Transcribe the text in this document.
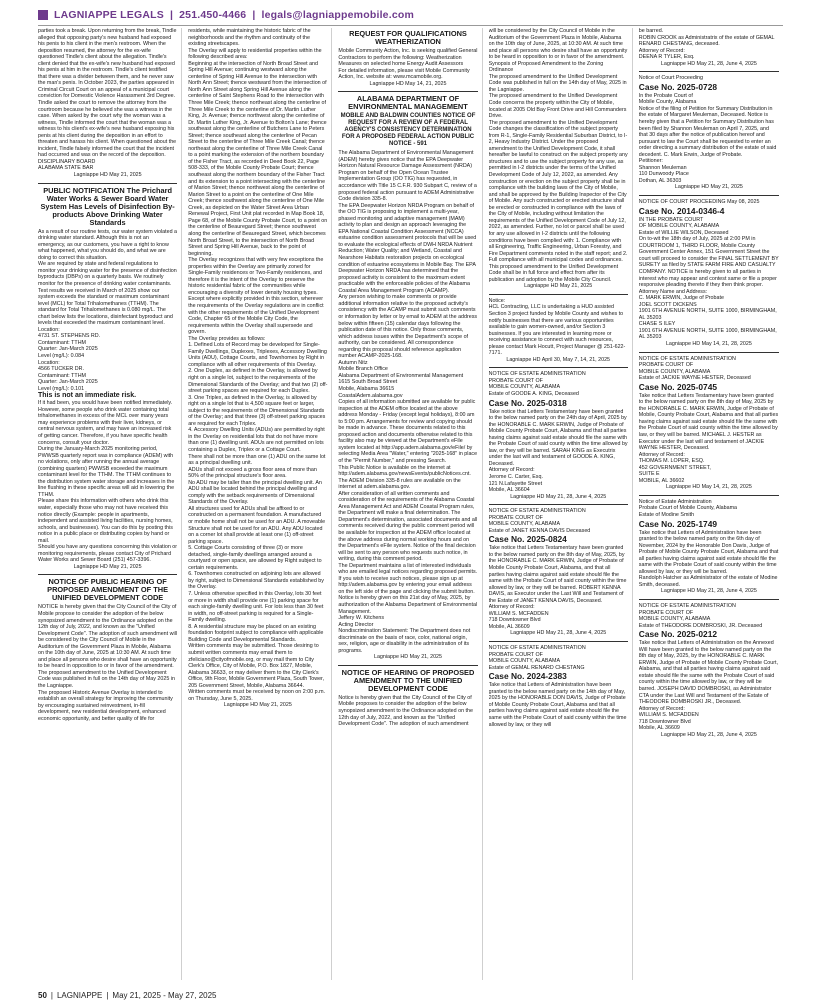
LAGNIAPPE LEGALS | 251.450-4466 | legals@lagniappemobile.com

parties took a break. Upon returning from the break, Tindle alleged that opposing party's new husband had exposed his penis to his client in the men's restroom. When the deposition resumed, the attorney for the ex-wife questioned Tindle's client about the allegation. Tindle's client denied that the ex-wife's new husband had exposed his penis at him in the restroom. Tindle's client testified that there was a divider between them, and he never saw the man's penis. In October 2023, the parties appeared in Criminal Circuit Court on an appeal of a municipal court conviction for Domestic Violence Harassment 3rd Degree. Tindle asked the court to remove the attorney from the courtroom because he believed she was a witness in the case. When asked by the court why the woman was a witness, Tindle informed the court that the woman was a witness to his client's ex-wife's new husband exposing his penis at his client during the deposition in an effort to threaten and harass his client. When questioned about the incident, Tindle falsely informed the court that the incident had occurred and was on the record of the deposition.

DISCIPLINARY BOARD

ALABAMA STATE BAR

Lagniappe HD May 21, 2025

PUBLIC NOTIFICATION The Prichard Water Works & Sewer Board Water System Has Levels of Disinfection By-products Above Drinking Water Standards

As a result of our routine tests, our water system violated a drinking water standard. Although this is not an emergency, as our customers, you have a right to know what happened, what you should do, and what we are doing to correct this situation.

We are required by state and federal regulations to monitor your drinking water for the presence of disinfection byproducts (DBPs) on a quarterly basis. We routinely monitor for the presence of drinking water contaminants. Test results we received in March of 2025 show our system exceeds the standard or maximum contaminant level (MCL) for Total Trihalomethanes (TTHM). The standard for Total Trihalomethanes is 0.080 mg/L. The chart below lists the locations, disinfectant byproduct and levels that exceeded the maximum contaminant level.

Location:

4731 ST. STEPHENS RD.

Contaminant: TTHM

Quarter: Jan-March 2025

Level (mg/L): 0.084

Location:

4566 TUCKER DR.

Contaminant: TTHM

Quarter: Jan-March 2025

Level (mg/L): 0.101

This is not an immediate risk.

If it had been, you would have been notified immediately. However, some people who drink water containing total trihalomethanes in excess of the MCL over many years may experience problems with their liver, kidneys, or central nervous system, and may have an increased risk of getting cancer. Therefore, if you have specific health concerns, consult your doctor.

During the January-March 2025 monitoring period, PWWSB quarterly report was in compliance (ADEM) with no violations, only after running the annual average (combining quarters) PWWSB exceeded the maximum contaminant level for the TTHM. The TTHM continues to the distribution system water storage and increases in the line flushing in these specific areas will aid in lowering the TTHM.

Please share this information with others who drink this water, especially those who may not have received this notice directly (Example: people in apartments, independent and assisted living facilities, nursing homes, schools, and businesses). You can do this by posting this notice in a public place or distributing copies by hand or mail.

Should you have any questions concerning this violation or monitoring requirements, please contact City of Prichard Water Works and Sewer Board (251) 457-3396.

Lagniappe HD May 21, 2025

NOTICE OF PUBLIC HEARING OF PROPOSED AMENDMENT OF THE UNIFIED DEVELOPMENT CODE

NOTICE is hereby given that the City Council of the City of Mobile propose to consider the adoption of the below synopsized amendment to the Ordinance adopted on the 12th day of July, 2022, and known as the "Unified Development Code". The adoption of such amendment will be considered by the City Council of Mobile in the Auditorium of the Government Plaza in Mobile, Alabama on the 10th day of June, 2025 at 10:30 AM. At such time and place all persons who desire shall have an opportunity to be heard in opposition to or in favor of the amendment.

The proposed amendment to the Unified Development Code was published in full on the 14th day of May 2025 in the Lagniappe.

The proposed Historic Avenue Overlay is intended to establish an overall strategy for improving the community by encouraging sustained reinvestment, in-fill development, new residential development, enhanced economic opportunity, and better quality of life for

residents, while maintaining the historic fabric of the neighborhoods and the rhythm and continuity of the existing streetscapes.

The Overlay will apply to residential properties within the following described area:

Beginning at the intersection of North Broad Street and Spring Hill Avenue; continuing westward along the centerline of Spring Hill Avenue to the intersection with North Ann Street; thence westward from the intersection of North Ann Street along Spring Hill Avenue along the centerline of Saint Stephens Road to the intersection with Three Mile Creek; thence northeast along the centerline of Three Mile Creek to the centerline of Dr. Martin Luther King, Jr. Avenue; thence northwest along the centerline of Dr. Martin Luther King, Jr. Avenue to Bolton's Lane; thence southeast along the centerline of Butchers Lane to Peters Street; thence southeast along the centerline of Pecan Street to the centerline of Three Mile Creek Canal; thence northeast along the centerline of Three Mile Creek Canal to a point marking the extension of the northern boundary of the Fisher Tract, as recorded in Deed Book 22, Page 508-333, of the Mobile County Probate Court; thence southeast along the northern boundary of the Fisher Tract and its extension to a point intersecting with the centerline of Marion Street; thence northwest along the centerline of Marion Street to a point on the centerline of One Mile Creek; thence southwest along the centerline of One Mile Creek, as depicted on the Water Street Area Urban Renewal Project, First Unit plat recorded in Map Book 18, Page 68, of the Mobile County Probate Court, to a point on the centerline of Beauregard Street; thence southwest along the centerline of Beauregard Street, which becomes North Broad Street, to the intersection of North Broad Street and Spring Hill Avenue, back to the point of beginning.

The Overlay recognizes that with very few exceptions the properties within the Overlay are primarily zoned for Single-Family residences or Two-Family residences, and therefore it is the intent of the Overlay to preserve the historic residential fabric of the communities while encouraging a diversity of lower density housing types. Except where explicitly provided in this section, wherever the requirements of the Overlay regulations are in conflict with the other requirements of the Unified Development Code, Chapter 65 of the Mobile City Code, the requirements within the Overlay shall supersede and govern.

The Overlay provides as follows:

1. Defined Lots of Record may be developed for Single-Family Dwellings, Duplexes, Triplexes, Accessory Dwelling Units (ADU), Cottage Courts, and Townhomes by Right in compliance with all other requirements of this Overlay.

2. One Duplex, as defined in the Overlay, is allowed by right on a single lot, subject to the requirements of the Dimensional Standards of the Overlay; and that two (2) off-street parking spaces are required for each Duplex.

3. One Triplex, as defined in the Overlay, is allowed by right on a single lot that is 4,500 square feet or larger, subject to the requirements of the Dimensional Standards of the Overlay; and that three (3) off-street parking spaces are required for each Triplex.

4. Accessory Dwelling Units (ADUs) are permitted by right in the Overlay on residential lots that do not have more than one (1) dwelling unit. ADUs are not permitted on lots containing a Duplex, Triplex or a Cottage Court.

There shall not be more than one (1) ADU on the same lot as a principal dwelling unit.

ADUs shall not exceed a gross floor area of more than 50% of the principal structure's floor area.

No ADU may be taller than the principal dwelling unit. An ADU shall be located behind the principal dwelling and comply with the setback requirements of Dimensional Standards of the Overlay.

All structures used for ADUs shall be affixed to or constructed on a permanent foundation. A manufactured or mobile home shall not be used for an ADU. A moveable Structure shall not be used for an ADU. Any ADU located on a corner lot shall provide at least one (1) off-street parking space.

5. Cottage Courts consisting of three (3) or more detached, single-family dwellings arranged around a courtyard or open space, are allowed by Right subject to certain requirements.

6. Townhomes constructed on adjoining lots are allowed by right, subject to Dimensional Standards established by the Overlay.

7. Unless otherwise specified in this Overlay, lots 30 feet or more in width shall provide one (1) parking space for each single-family dwelling unit. For lots less than 30 feet in width, no off-street parking is required for a Single-Family dwelling.

8. A residential structure may be placed on an existing foundation footprint subject to compliance with applicable Building Code and Developmental Standards.

Written comments may be submitted. Those desiring to submit written comments may email them to zfeliciano@cityofmobile.org, or may mail them to City Clerk's Office, City of Mobile, P.O. Box 1827, Mobile, Alabama 36633, or may deliver them to the City Clerk's Office, 9th Floor, Mobile Government Plaza, South Tower, 205 Government Street, Mobile, Alabama 36644.

Written comments must be received by noon on 2:00 p.m. on Thursday, June 5, 2025.

Lagniappe HD May 21, 2025

REQUEST FOR QUALIFICATIONS WEATHERIZATION

Mobile Community Action, Inc. is seeking qualified General Contractors to perform the following: Weatherization Measures on selected home Energy Audit Assessors

For detailed information, please visit Mobile Community Action, Inc. website at: www.mcamobile.org.

Lagniappe HD May 14, 21, 2025

ALABAMA DEPARTMENT OF ENVIRONMENTAL MANAGEMENT
MOBILE AND BALDWIN COUNTIES NOTICE OF REQUEST FOR A REVIEW OF A FEDERAL AGENCY'S CONSISTENCY DETERMINATION FOR A PROPOSED FEDERAL ACTION PUBLIC NOTICE - 591

The Alabama Department of Environmental Management (ADEM) hereby gives notice that the EPA Deepwater Horizon Natural Resource Damage Assessment (NRDA) Program on behalf of the Open Ocean Trustee Implementation Group (OO TIG) has requested, in accordance with Title 15 C.F.R. 930 Subpart C, review of a proposed federal action pursuant to ADEM Administrative Code division 335-8.

The EPA Deepwater Horizon NRDA Program on behalf of the OO TIG is proposing to implement a multi-year, phased monitoring and adaptive management (MAM) activity to plan and design an approach leveraging the EPA National Coastal Condition Assessment (NCCA) estuarine condition assessment protocols that will be used to evaluate the ecological effects of DWH NRDA Nutrient Reduction; Water Quality; and Wetland, Coastal and Nearshore Habitats restoration projects on ecological condition of estuarine ecosystems in Mobile Bay. The EPA Deepwater Horizon NRDA has determined that the proposed activity is consistent to the maximum extent practicable with the enforceable policies of the Alabama Coastal Area Management Program (ACAMP).

Any person wishing to make comments or provide additional information relative to the proposed activity's consistency with the ACAMP must submit such comments or information by letter or by email to ADEM at the address below within fifteen (15) calendar days following the publication date of this notice. Only those comments, which address issues within the Department's scope of authority, can be considered. All correspondence regarding this proposal should reference application number ACAMP-2025-168.

Autumn Nitz

Mobile Branch Office

Alabama Department of Environmental Management

1615 South Broad Street

Mobile, Alabama 36615

CoastalAdem.alabama.gov

Copies of all information submitted are available for public inspection at the ADEM office located at the above address Monday - Friday (except legal holidays), 8:00 am to 5:00 pm. Arrangements for review and copying should be made in advance. These documents related to this proposed action and documents otherwise related to this facility also may be viewed at the Department's eFile system located at http://app.adem.alabama.gov/eFile/ by selecting Media Area "Water," entering "2025-168" in place of the "Permit Number," and pressing Search.

This Public Notice is available on the internet at http://adem.alabama.gov/newsEvents/publicNotices.cnt. The ADEM Division 335-8 rules are available on the internet at adem.alabama.gov.

After consideration of all written comments and consideration of the requirements of the Alabama Coastal Area Management Act and ADEM Coastal Program rules, the Department will make a final determination. The Department's determination, associated documents and all comments received during the public comment period will be available for inspection at the ADEM office located at the above address during normal working hours and on the Department's eFile system. Notice of the final decision will be sent to any person who requests such notice, in writing, during this comment period.

The Department maintains a list of interested individuals who are emailed legal notices regarding proposed permits. If you wish to receive such notices, please sign up at http://adem.alabama.gov by entering your email address on the left side of the page and clicking the submit button.

Notice is hereby given on this 21st day of May, 2025, by authorization of the Alabama Department of Environmental Management.

Jeffery W. Kitchens

Acting Director

Nondiscrimination Statement: The Department does not discriminate on the basis of race, color, national origin, sex, religion, age or disability in the administration of its programs.

Lagniappe HD May 21, 2025

NOTICE OF HEARING OF PROPOSED AMENDMENT TO THE UNIFIED DEVELOPMENT CODE

Notice is hereby given that the City Council of the City of Mobile proposes to consider the adoption of the below synopsized amendment to the Ordinance adopted on the 12th day of July, 2022, and known as the "Unified Development Code". The adoption of such amendment

will be considered by the City Council of Mobile in the Auditorium of the Government Plaza in Mobile, Alabama on the 10th day of June, 2025, at 10:30 AM. At such time and place all persons who desire shall have an opportunity to be heard in opposition to or in favor of the amendment.

Synopsis of Proposed Amendment to the Zoning Ordinance

The proposed amendment to the Unified Development Code was published in full on the 14th day of May, 2025 in the Lagniappe.

The proposed amendment to the Unified Development Code concerns the property within the City of Mobile, located at 2005 Old Bay Front Drive and Hill Commanders Drive.

The proposed amendment to the Unified Development Code changes the classification of the subject property from R-1, Single-Family Residential Suburban District, to I-2, Heavy Industry District. Under the proposed amendment to the Unified Development Code, it shall hereafter be lawful to construct on the subject property any structures and to use the subject property for any use, as permitted in I-2 districts under the terms of the Unified Development Code of July 12, 2022, as amended. Any construction or erection on the subject property shall be in compliance with the building laws of the City of Mobile, and shall be approved by the Building Inspector of the City of Mobile. Any such constructed or erected structure shall be erected or constructed in compliance with the laws of the City of Mobile, including without limitation the requirements of the Unified Development Code of July 12, 2022, as amended. Further, no lot or parcel shall be used for any use allowed in I-2 districts until the following conditions have been complied with: 1. Compliance with all Engineering, Traffic Engineering, Urban Forestry, and Fire Department comments noted in the staff report; and 2. Full compliance with all municipal codes and ordinances.

This proposed amendment to the Unified Development Code shall be in full force and effect from after its publication and adoption by the Mobile City Council.

Lagniappe HD May 21, 2025

Notice:

HCL Contracting, LLC is undertaking a HUD assisted Section 3 project funded by Mobile County and wishes to notify businesses that there are various opportunities available to gain women-owned, and/or Section 3 businesses. If you are interested in learning more or receiving assistance to connect with such resources, please contact Mark Hocutt, Project Manager @ 251-622-7171.

Lagniappe HD April 30, May 7, 14, 21, 2025

NOTICE OF ESTATE ADMINISTRATION

PROBATE COURT OF

MOBILE COUNTY, ALABAMA

Estate of GOODE A. KING, Deceased

Case No. 2025-0318

Take notice that Letters Testamentary have been granted to the below named party on the 24th day of April, 2025 by the HONORABLE C. MARK ERWIN, Judge of Probate of Mobile County Probate Court, Alabama and that all parties having claims against said estate should file the same with the Probate Court of said county within the time allowed by law, or they will be barred. SARAH KING as Executrix under the last will and testament of GOODE A. KING, Deceased.

Attorney of Record:

Jerome C. Carter, Esq.

121 N.Lafayette Street

Mobile, AL 36604

Lagniappe HD May 21, 28, June 4, 2025

NOTICE OF ESTATE ADMINISTRATION

PROBATE COURT OF

MOBILE COUNTY, ALABAMA

Estate of JANET KENNA DAVIS Deceased

Case No. 2025-0824

Take notice that Letters Testamentary have been granted to the below named party on the 8th day of May, 2025, by the HONORABLE C. MARK ERWIN, Judge of Probate of Mobile County Probate Court, Alabama, and that all parties having claims against said estate should file the same with the Probate Court of said county within the time allowed by law, or they will be barred. ROBERT KENNA DAVIS, as Executor under the Last Will and Testament of the Estate of JANET KENNA DAVIS, Deceased.

Attorney of Record:

WILLIAM S. MCFADDEN

718 Downtowner Blvd

Mobile, AL 36609

Lagniappe HD May 21, 28, June 4, 2025

NOTICE OF ESTATE ADMINISTRATION

PROBATE COURT OF

MOBILE COUNTY, ALABAMA

Estate of GEMAL RENARD CHESTANG

Case No. 2024-2383

Take notice that Letters of Administration have been granted to the below named party on the 14th day of May, 2025 by the HONORABLE DON DAVIS, Judge of Probate of Mobile County Probate Court, Alabama and that all parties having claims against said estate should file the same with the Probate Court of said county within the time allowed by law, or they will

be barred.

ROBIN CROOK as Administratrix of the estate of GEMAL RENARD CHESTANG, deceased.

Attorney of Record:

DEENA R TYLER, Esq.

Lagniappe HD May 21, 28, June 4, 2025

Notice of Court Proceeding

Case No. 2025-0728

In the Probate Court of

Mobile County, Alabama

Notice of the filing of Petition for Summary Distribution in the estate of Margaret Meuleman, Deceased. Notice is hereby given that a Petition for Summary Distribution has been filed by Shannon Meuleman on April 7, 2025, and that 30 days after the notice of publication hereof and pursuant to law the Court shall be requested to enter an order directing a summary distribution of the estate of said decedent. C. Mark Erwin, Judge of Probate.

Petitioner:

Shannon Meuleman

110 Dunwoody Place

Dothan, AL 36303

Lagniappe HD May 21, 2025

NOTICE OF COURT PROCEEDING May 08, 2025

Case No. 2014-0346-4

IN THE PROBATE COURT

OF MOBILE COUNTY, ALABAMA

Estate of WILLIE WILSON, Deceased

On to-wit the 18th day of July, 2025 at 2:00 PM in COURTROOM 1, THIRD FLOOR, Mobile County Government Center Annex, 151 Government Street the court will proceed to consider the FINAL SETTLEMENT BY SURETY as filed by STATE FARM FIRE AND CASUALTY COMPANY. NOTICE is hereby given to all parties in interest who may appear and contest same or file a proper responsive pleading thereto if they then think proper.

Attorney Name and Address:

C. MARK ERWIN, Judge of Probate

JOEL SCOTT DICKENS

1901 6TH AVENUE NORTH, SUITE 1000, BIRMINGHAM, AL 35203

CHASE S ILEY

1901 6TH AVENUE NORTH, SUITE 1000, BIRMINGHAM, AL 35203

Lagniappe HD May 14, 21, 28, 2025

NOTICE OF ESTATE ADMINISTRATION

PROBATE COURT OF

MOBILE COUNTY, ALABAMA

Estate of JACKIE WAYNE HESTER, Deceased

Case No. 2025-0745

Take notice that Letters Testamentary have been granted to the below named party on the 8th day of May, 2025 by the HONORABLE C. MARK ERWIN, Judge of Probate of Mobile, County Probate Court, Alabama and that all parties having claims against said estate should file the same with the Probate Court of said county within the time allowed by law, or they will be barred. MICHAEL J. HESTER as Executor under the last will and testament of JACKIE WAYNE HESTER, Deceased.

Attorney of Record:

THOMAS M. LOPER, ESQ.

452 GOVERNMENT STREET,

SUITE E

MOBILE, AL 36602

Lagniappe HD May 14, 21, 28, 2025

Notice of Estate Administration

Probate Court of Mobile County, Alabama

Estate of Modine Smith

Case No. 2025-1749

Take notice that Letters of Administration have been granted to the below named party on the 6th day of November, 2024 by the Honorable Don Davis, Judge of Probate of Mobile County Probate Court, Alabama and that all parties having claims against said estate should file the same with the Probate Court of said county within the time allowed by law, or they will be barred.

Randolph Hatcher as Administrator of the estate of Modine Smith, deceased.

Lagniappe HD May 21, 28, June 4, 2025

NOTICE OF ESTATE ADMINISTRATION

PROBATE COURT OF

MOBILE COUNTY, ALABAMA

Estate of THEODORE DOMBROSKI, JR. Deceased

Case No. 2025-0212

Take notice that Letters of Administration on the Annexed Will have been granted to the below named party on the 8th day of May, 2025, by the HONORABLE C. MARK ERWIN, Judge of Probate of Mobile County Probate Court, Alabama, and that all parties having claims against said estate should file the same with the Probate Court of said county within the time allowed by law, or they will be barred. JOSEPH DAVID DOMBROSKI, as Administrator CTA under the Last Will and Testament of the Estate of THEODORE DOMBROSKI JR., Deceased.

Attorney of Record:

WILLIAM S. MCFADDEN

718 Downtowner Blvd

Mobile, AL 36609

Lagniappe HD May 21, 28, June 4, 2025

50 | LAGNIAPPE | May 21, 2025 - May 27, 2025
